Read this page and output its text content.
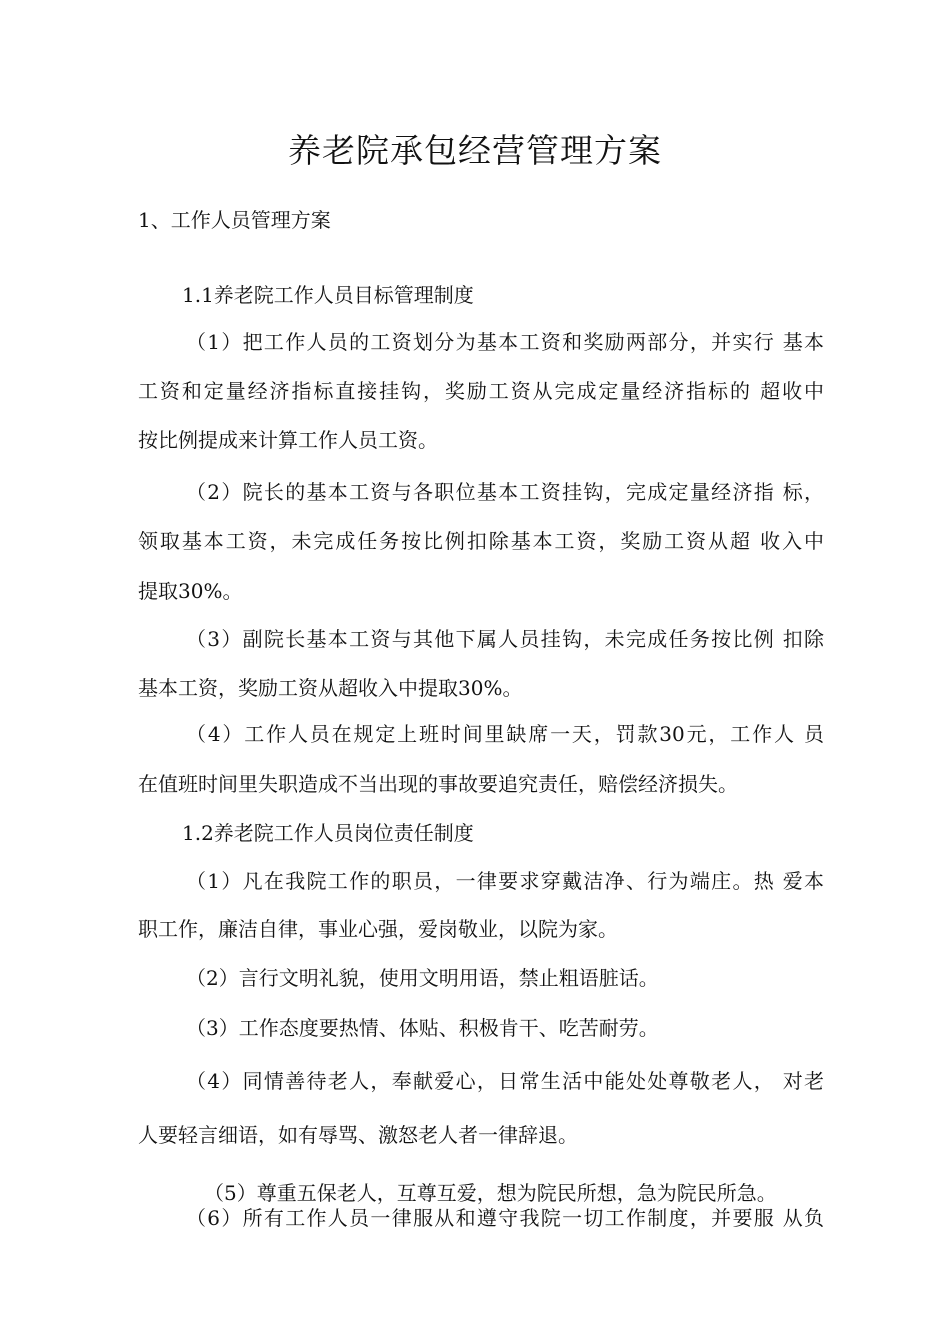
养老院承包经营管理方案
1、工作人员管理方案
1.1养老院工作人员目标管理制度
（1）把工作人员的工资划分为基本工资和奖励两部分，并实行 基本
工资和定量经济指标直接挂钩，奖励工资从完成定量经济指标的 超收中
按比例提成来计算工作人员工资。
（2）院长的基本工资与各职位基本工资挂钩，完成定量经济指 标，
领取基本工资，未完成任务按比例扣除基本工资，奖励工资从超 收入中
提取30%。
（3）副院长基本工资与其他下属人员挂钩，未完成任务按比例 扣除
基本工资，奖励工资从超收入中提取30%。
（4）工作人员在规定上班时间里缺席一天，罚款30元，工作人 员
在值班时间里失职造成不当出现的事故要追究责任，赔偿经济损失。
1.2养老院工作人员岗位责任制度
（1）凡在我院工作的职员，一律要求穿戴洁净、行为端庄。热 爱本
职工作，廉洁自律，事业心强，爱岗敬业，以院为家。
（2）言行文明礼貌，使用文明用语，禁止粗语脏话。
（3）工作态度要热情、体贴、积极肯干、吃苦耐劳。
（4）同情善待老人，奉献爱心，日常生活中能处处尊敬老人， 对老
人要轻言细语，如有辱骂、激怒老人者一律辞退。
（5）尊重五保老人，互尊互爱，想为院民所想，急为院民所急。
（6）所有工作人员一律服从和遵守我院一切工作制度，并要服 从负
